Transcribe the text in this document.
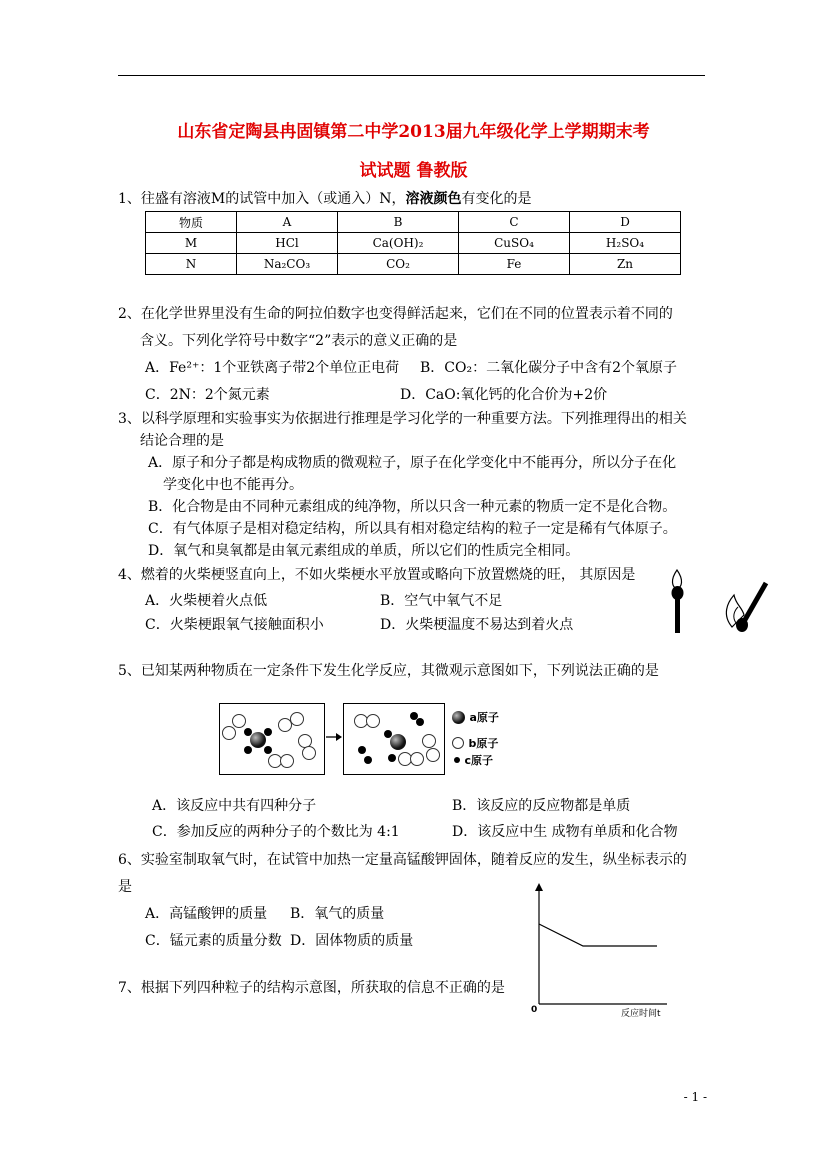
山东省定陶县冉固镇第二中学2013届九年级化学上学期期末考
试试题 鲁教版
1、往盛有溶液M的试管中加入（或通入）N，溶液颜色有变化的是
物质	A	B	C	D
M	HCl	Ca(OH)₂	CuSO₄	H₂SO₄
N	Na₂CO₃	CO₂	Fe	Zn
2、在化学世界里没有生命的阿拉伯数字也变得鲜活起来，它们在不同的位置表示着不同的
含义。下列化学符号中数字“2”表示的意义正确的是
A．Fe²⁺：1个亚铁离子带2个单位正电荷 B．CO₂：二氧化碳分子中含有2个氧原子
C．2N：2个氮元素	D．CaO:氧化钙的化合价为+2价
3、以科学原理和实验事实为依据进行推理是学习化学的一种重要方法。下列推理得出的相关
结论合理的是
A．原子和分子都是构成物质的微观粒子，原子在化学变化中不能再分，所以分子在化
学变化中也不能再分。
B．化合物是由不同种元素组成的纯净物，所以只含一种元素的物质一定不是化合物。
C．有气体原子是相对稳定结构，所以具有相对稳定结构的粒子一定是稀有气体原子。
D．氧气和臭氧都是由氧元素组成的单质，所以它们的性质完全相同。
4、燃着的火柴梗竖直向上，不如火柴梗水平放置或略向下放置燃烧的旺， 其原因是
A．火柴梗着火点低	B．空气中氧气不足
C．火柴梗跟氧气接触面积小	D．火柴梗温度不易达到着火点
5、已知某两种物质在一定条件下发生化学反应，其微观示意图如下，下列说法正确的是
a原子
b原子
c原子
A．该反应中共有四种分子	B．该反应的反应物都是单质
C．参加反应的两种分子的个数比为 4:1	D．该反应中生 成物有单质和化合物
6、实验室制取氧气时，在试管中加热一定量高锰酸钾固体，随着反应的发生，纵坐标表示的
是
A．高锰酸钾的质量 B．氧气的质量
C．锰元素的质量分数 D．固体物质的质量
0	反应时间t
7、根据下列四种粒子的结构示意图，所获取的信息不正确的是
- 1 -
